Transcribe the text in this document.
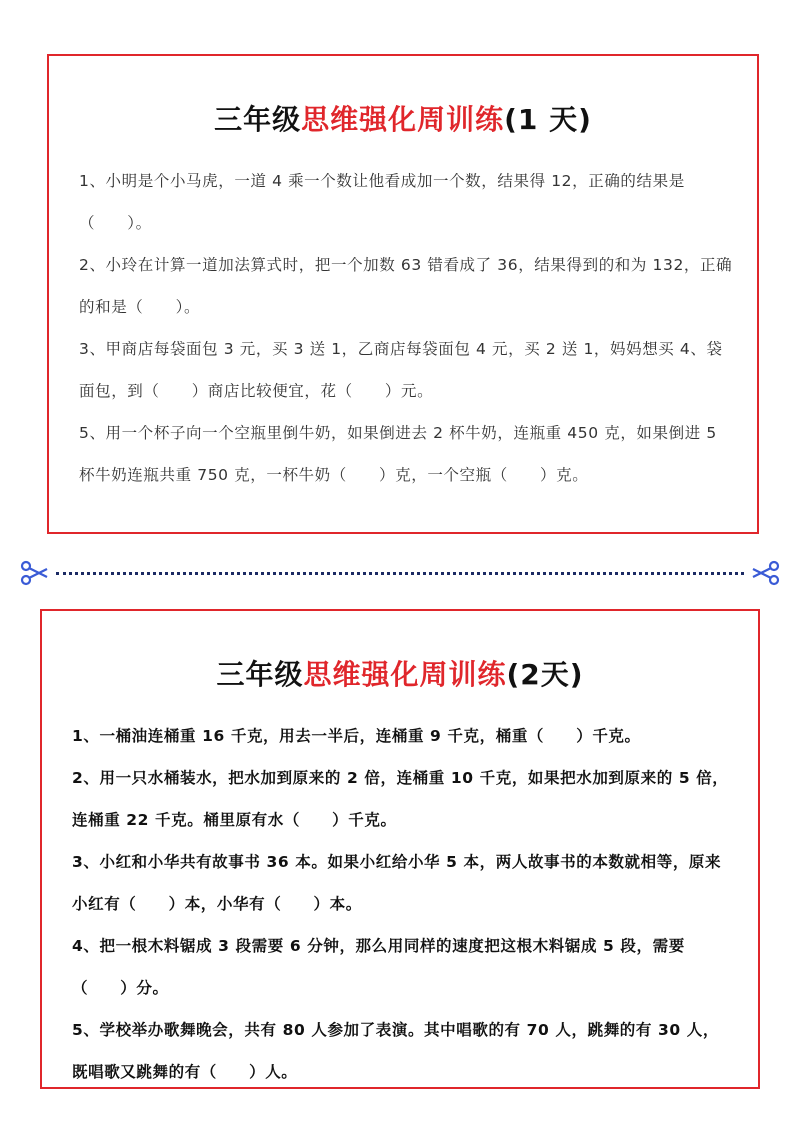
三年级思维强化周训练(1 天)
1、小明是个小马虎，一道 4 乘一个数让他看成加一个数，结果得 12，正确的结果是（　　）。
2、小玲在计算一道加法算式时，把一个加数 63 错看成了 36，结果得到的和为 132，正确的和是（　　）。
3、甲商店每袋面包 3 元，买 3 送 1，乙商店每袋面包 4 元，买 2 送 1，妈妈想买 4、袋面包，到（　　）商店比较便宜，花（　　）元。
5、用一个杯子向一个空瓶里倒牛奶，如果倒进去 2 杯牛奶，连瓶重 450 克，如果倒进 5 杯牛奶连瓶共重 750 克，一杯牛奶（　　）克，一个空瓶（　　）克。
三年级思维强化周训练(2天)
1、一桶油连桶重 16 千克，用去一半后，连桶重 9 千克，桶重（　　）千克。
2、用一只水桶装水，把水加到原来的 2 倍，连桶重 10 千克，如果把水加到原来的 5 倍，连桶重 22 千克。桶里原有水（　　）千克。
3、小红和小华共有故事书 36 本。如果小红给小华 5 本，两人故事书的本数就相等，原来小红有（　　）本，小华有（　　）本。
4、把一根木料锯成 3 段需要 6 分钟，那么用同样的速度把这根木料锯成 5 段，需要（　　）分。
5、学校举办歌舞晚会，共有 80 人参加了表演。其中唱歌的有 70 人，跳舞的有 30 人，既唱歌又跳舞的有（　　）人。
